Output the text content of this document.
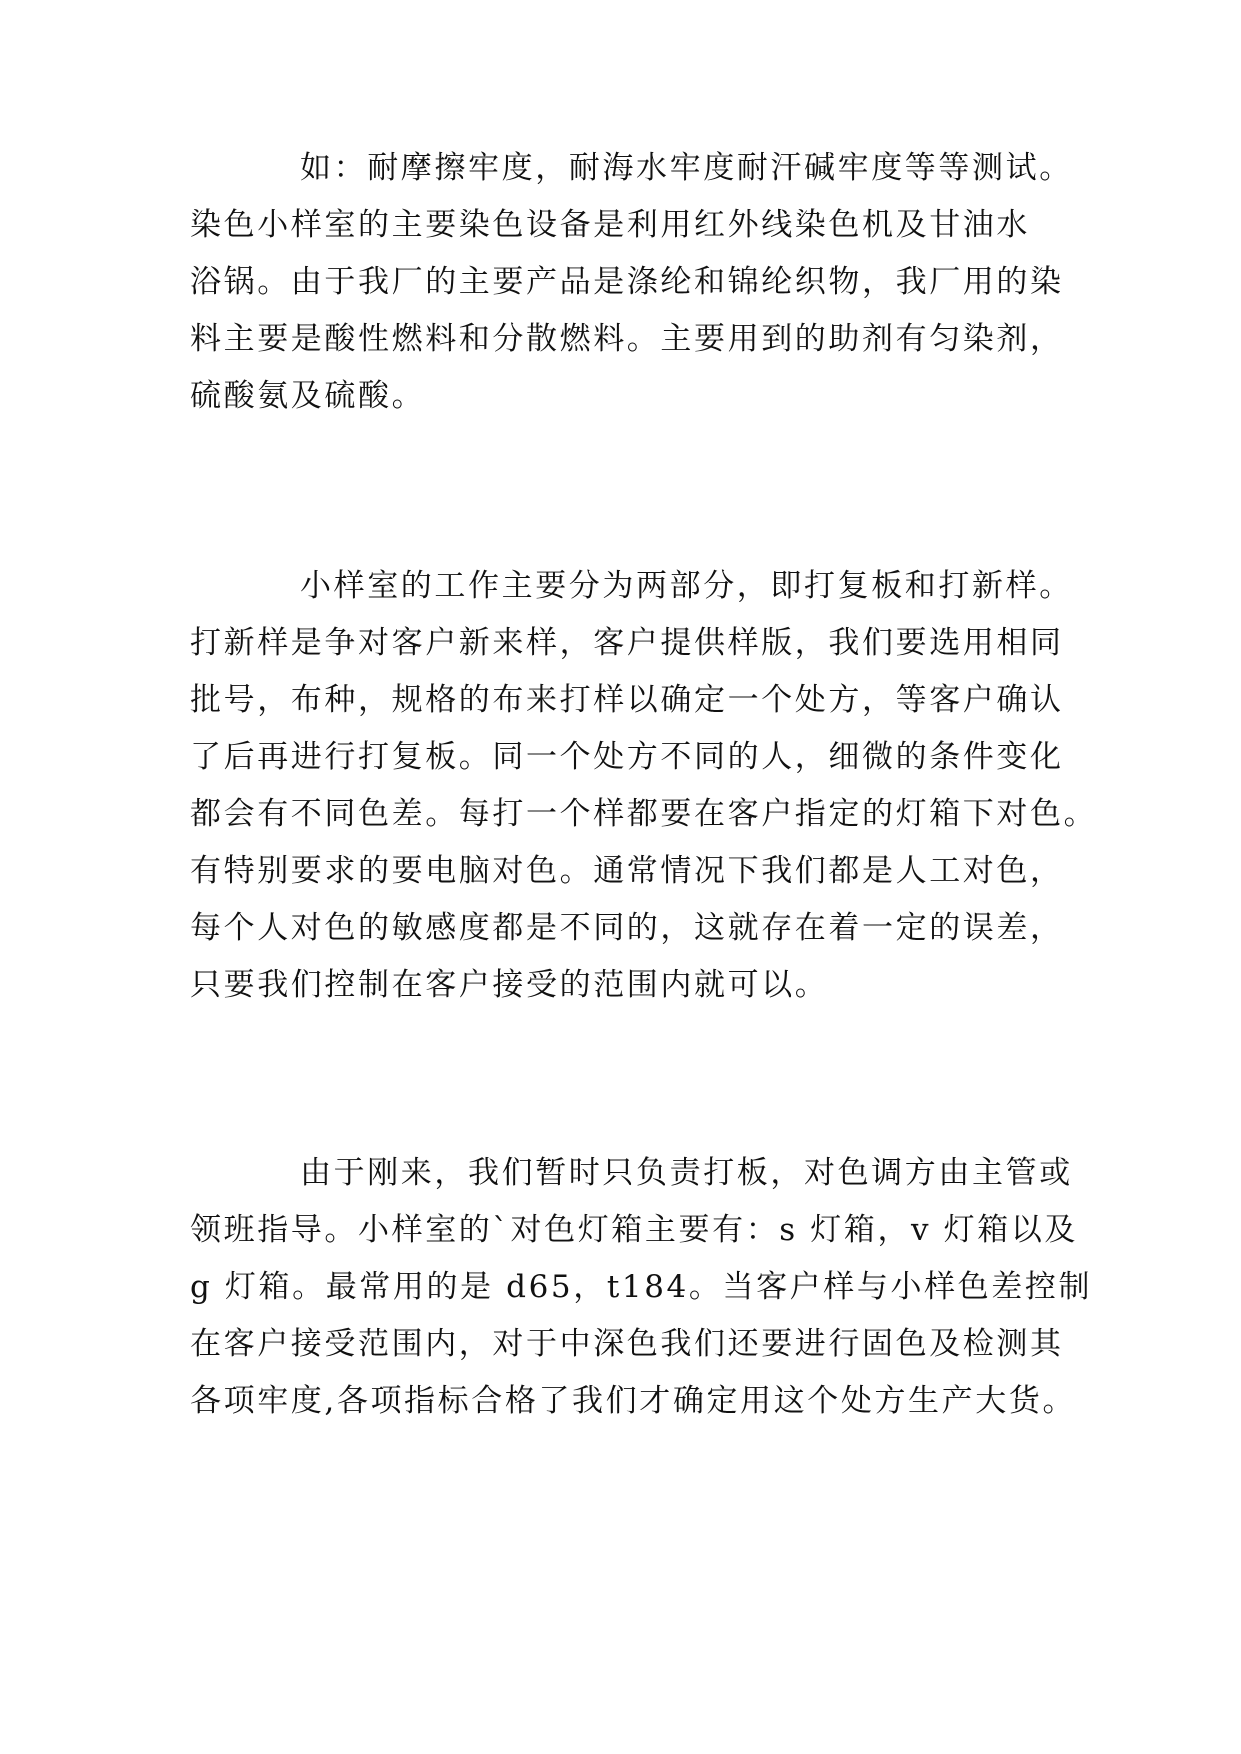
如：耐摩擦牢度，耐海水牢度耐汗碱牢度等等测试。

染色小样室的主要染色设备是利用红外线染色机及甘油水

浴锅。由于我厂的主要产品是涤纶和锦纶织物，我厂用的染

料主要是酸性燃料和分散燃料。主要用到的助剂有匀染剂，

硫酸氨及硫酸。

小样室的工作主要分为两部分，即打复板和打新样。

打新样是争对客户新来样，客户提供样版，我们要选用相同

批号，布种，规格的布来打样以确定一个处方，等客户确认

了后再进行打复板。同一个处方不同的人，细微的条件变化

都会有不同色差。每打一个样都要在客户指定的灯箱下对色。

有特别要求的要电脑对色。通常情况下我们都是人工对色，

每个人对色的敏感度都是不同的，这就存在着一定的误差，

只要我们控制在客户接受的范围内就可以。

由于刚来，我们暂时只负责打板，对色调方由主管或

领班指导。小样室的`对色灯箱主要有：s 灯箱，v 灯箱以及

g 灯箱。最常用的是 d65，t184。当客户样与小样色差控制

在客户接受范围内，对于中深色我们还要进行固色及检测其

各项牢度,各项指标合格了我们才确定用这个处方生产大货。
